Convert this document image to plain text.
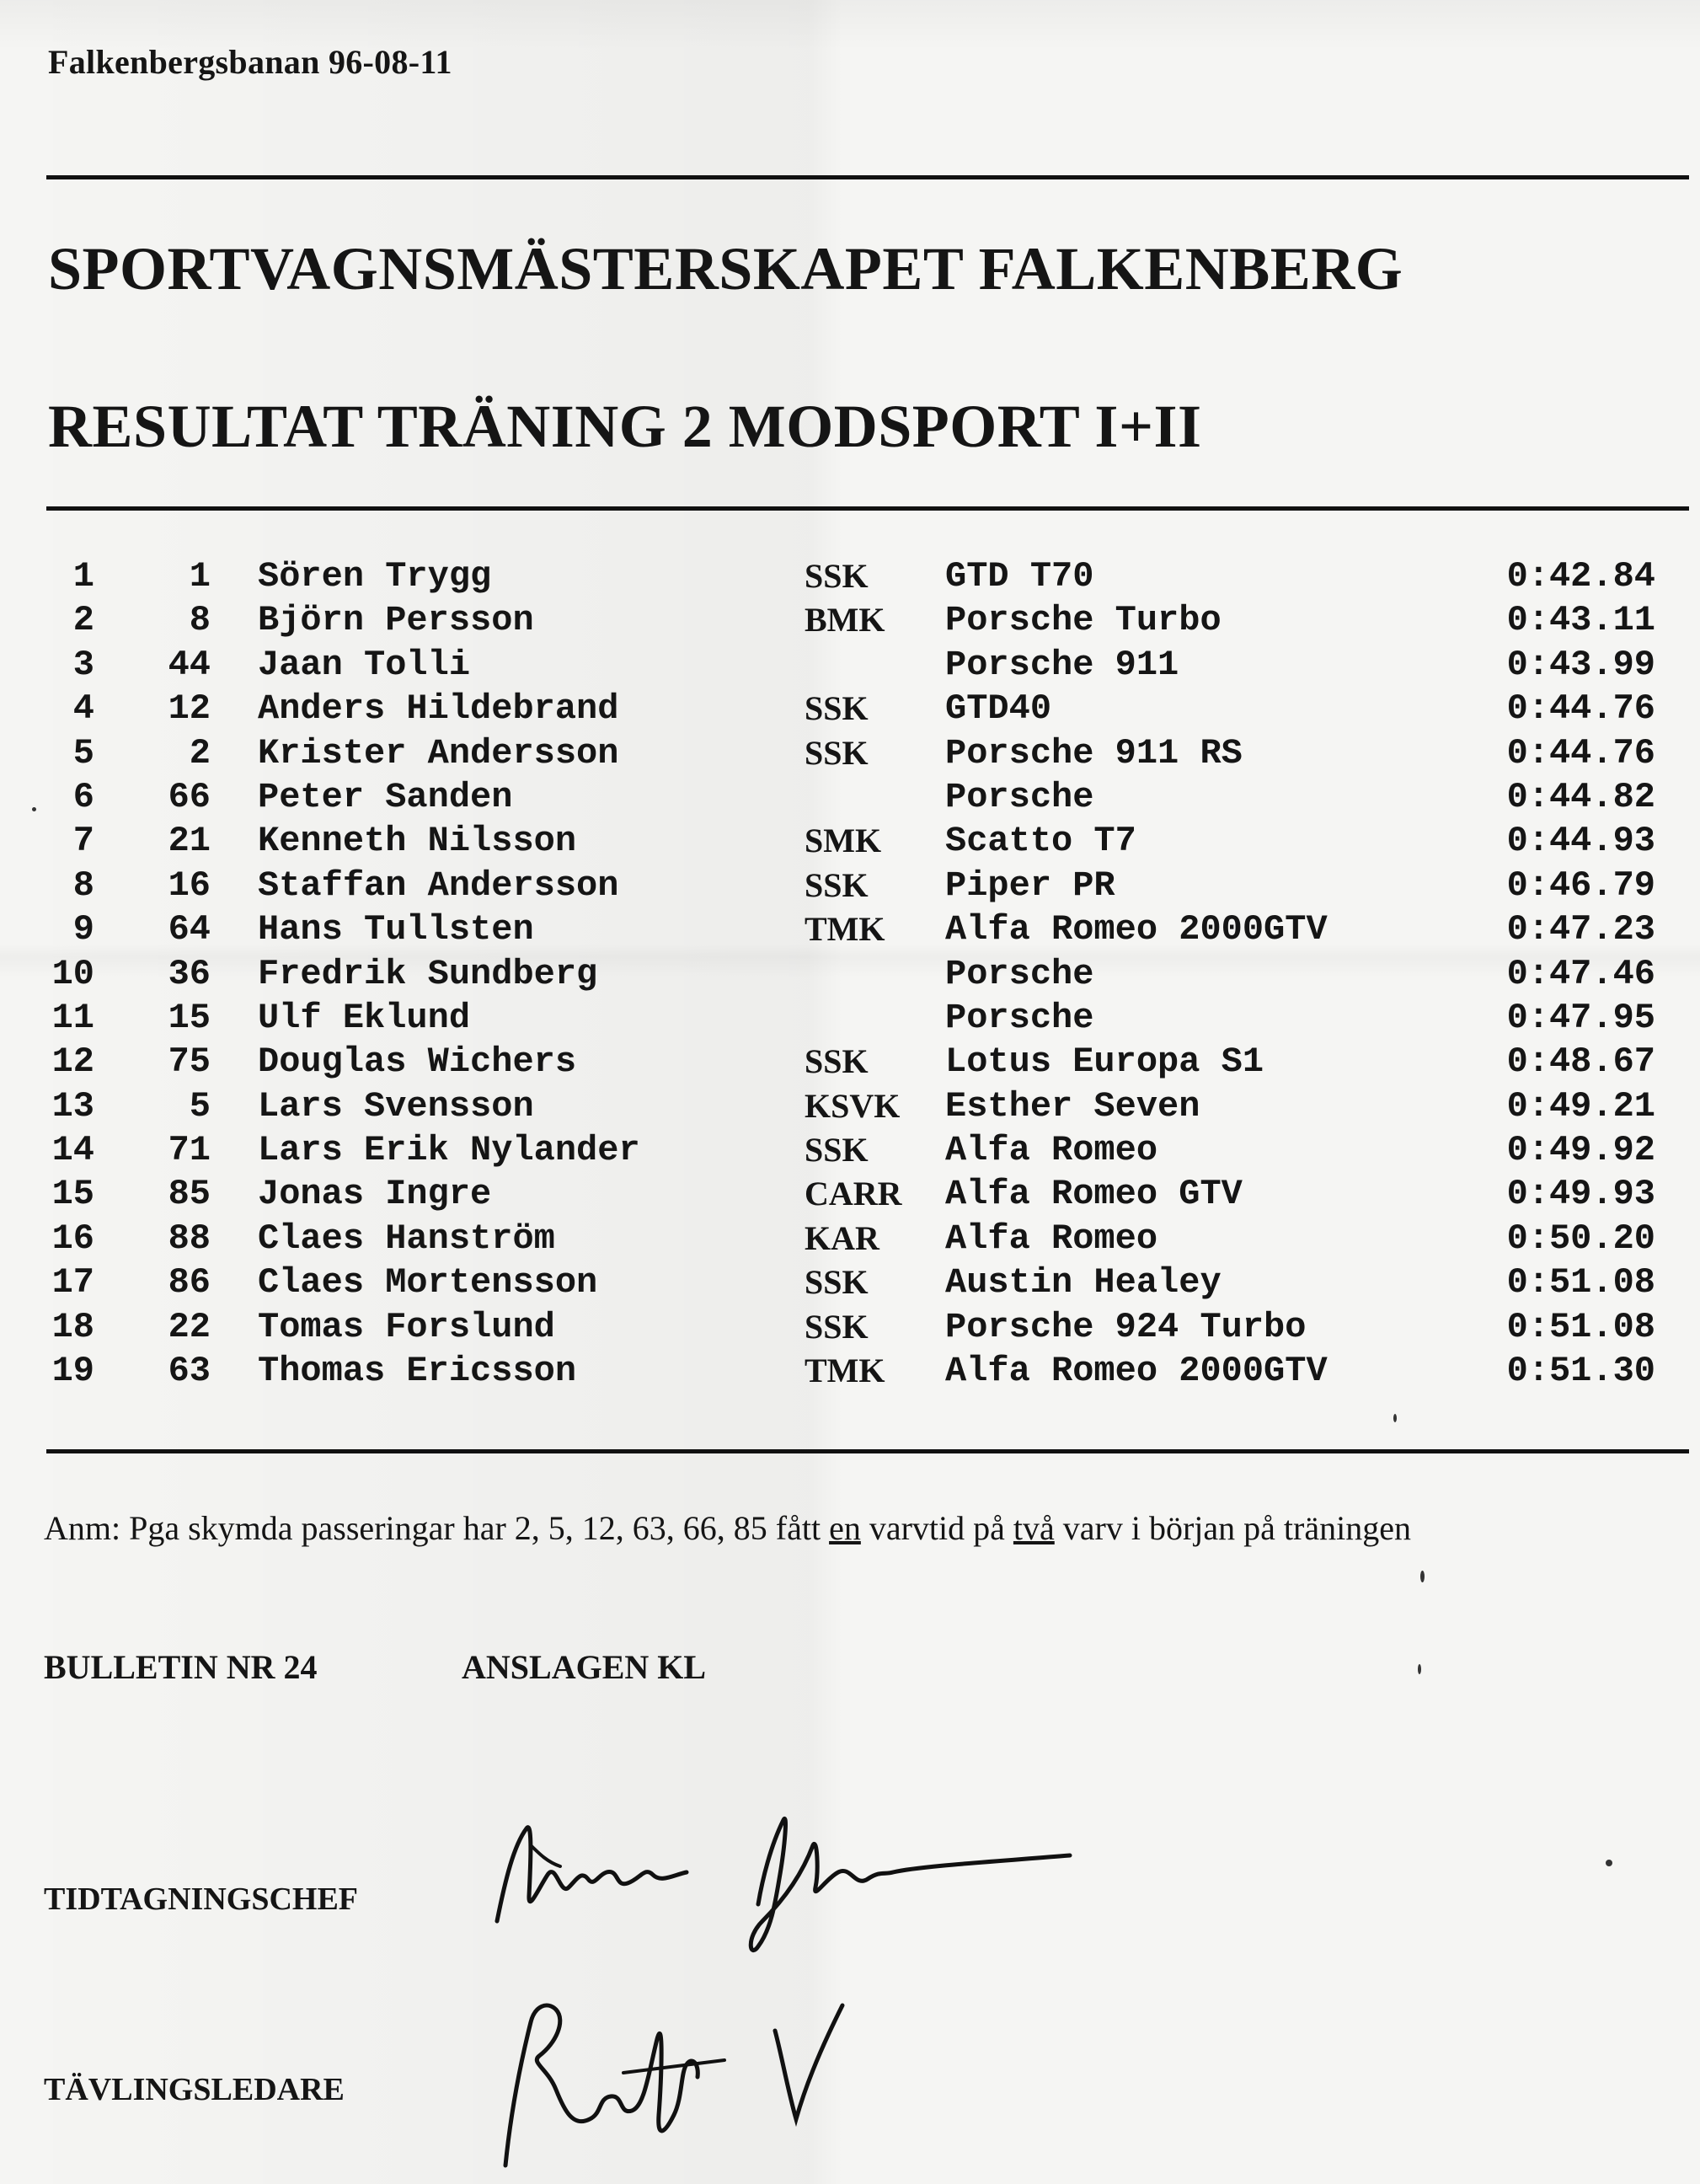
Falkenbergsbanan 96-08-11
SPORTVAGNSMÄSTERSKAPET FALKENBERG
RESULTAT TRÄNING 2 MODSPORT I+II
1	1 Sören Trygg	SSK GTD T70	0:42.84
2	8 Björn Persson	BMK Porsche Turbo	0:43.11
3	44 Jaan Tolli	Porsche 911	0:43.99
4	12 Anders Hildebrand	SSK GTD40	0:44.76
5	2 Krister Andersson	SSK Porsche 911 RS	0:44.76
6	66 Peter Sanden	Porsche	0:44.82
7	21 Kenneth Nilsson	SMK Scatto T7	0:44.93
8	16 Staffan Andersson	SSK Piper PR	0:46.79
9	64 Hans Tullsten	TMK Alfa Romeo 2000GTV	0:47.23
10	36 Fredrik Sundberg	Porsche	0:47.46
11	15 Ulf Eklund	Porsche	0:47.95
12	75 Douglas Wichers	SSK Lotus Europa S1	0:48.67
13	5 Lars Svensson	KSVK Esther Seven	0:49.21
14	71 Lars Erik Nylander	SSK Alfa Romeo	0:49.92
15	85 Jonas Ingre	CARR Alfa Romeo GTV	0:49.93
16	88 Claes Hanström	KAR Alfa Romeo	0:50.20
17	86 Claes Mortensson	SSK Austin Healey	0:51.08
18	22 Tomas Forslund	SSK Porsche 924 Turbo	0:51.08
19	63 Thomas Ericsson	TMK Alfa Romeo 2000GTV	0:51.30
Anm: Pga skymda passeringar har 2, 5, 12, 63, 66, 85 fått en varvtid på två varv i början på träningen
BULLETIN NR 24	ANSLAGEN KL
TIDTAGNINGSCHEF
TÄVLINGSLEDARE
